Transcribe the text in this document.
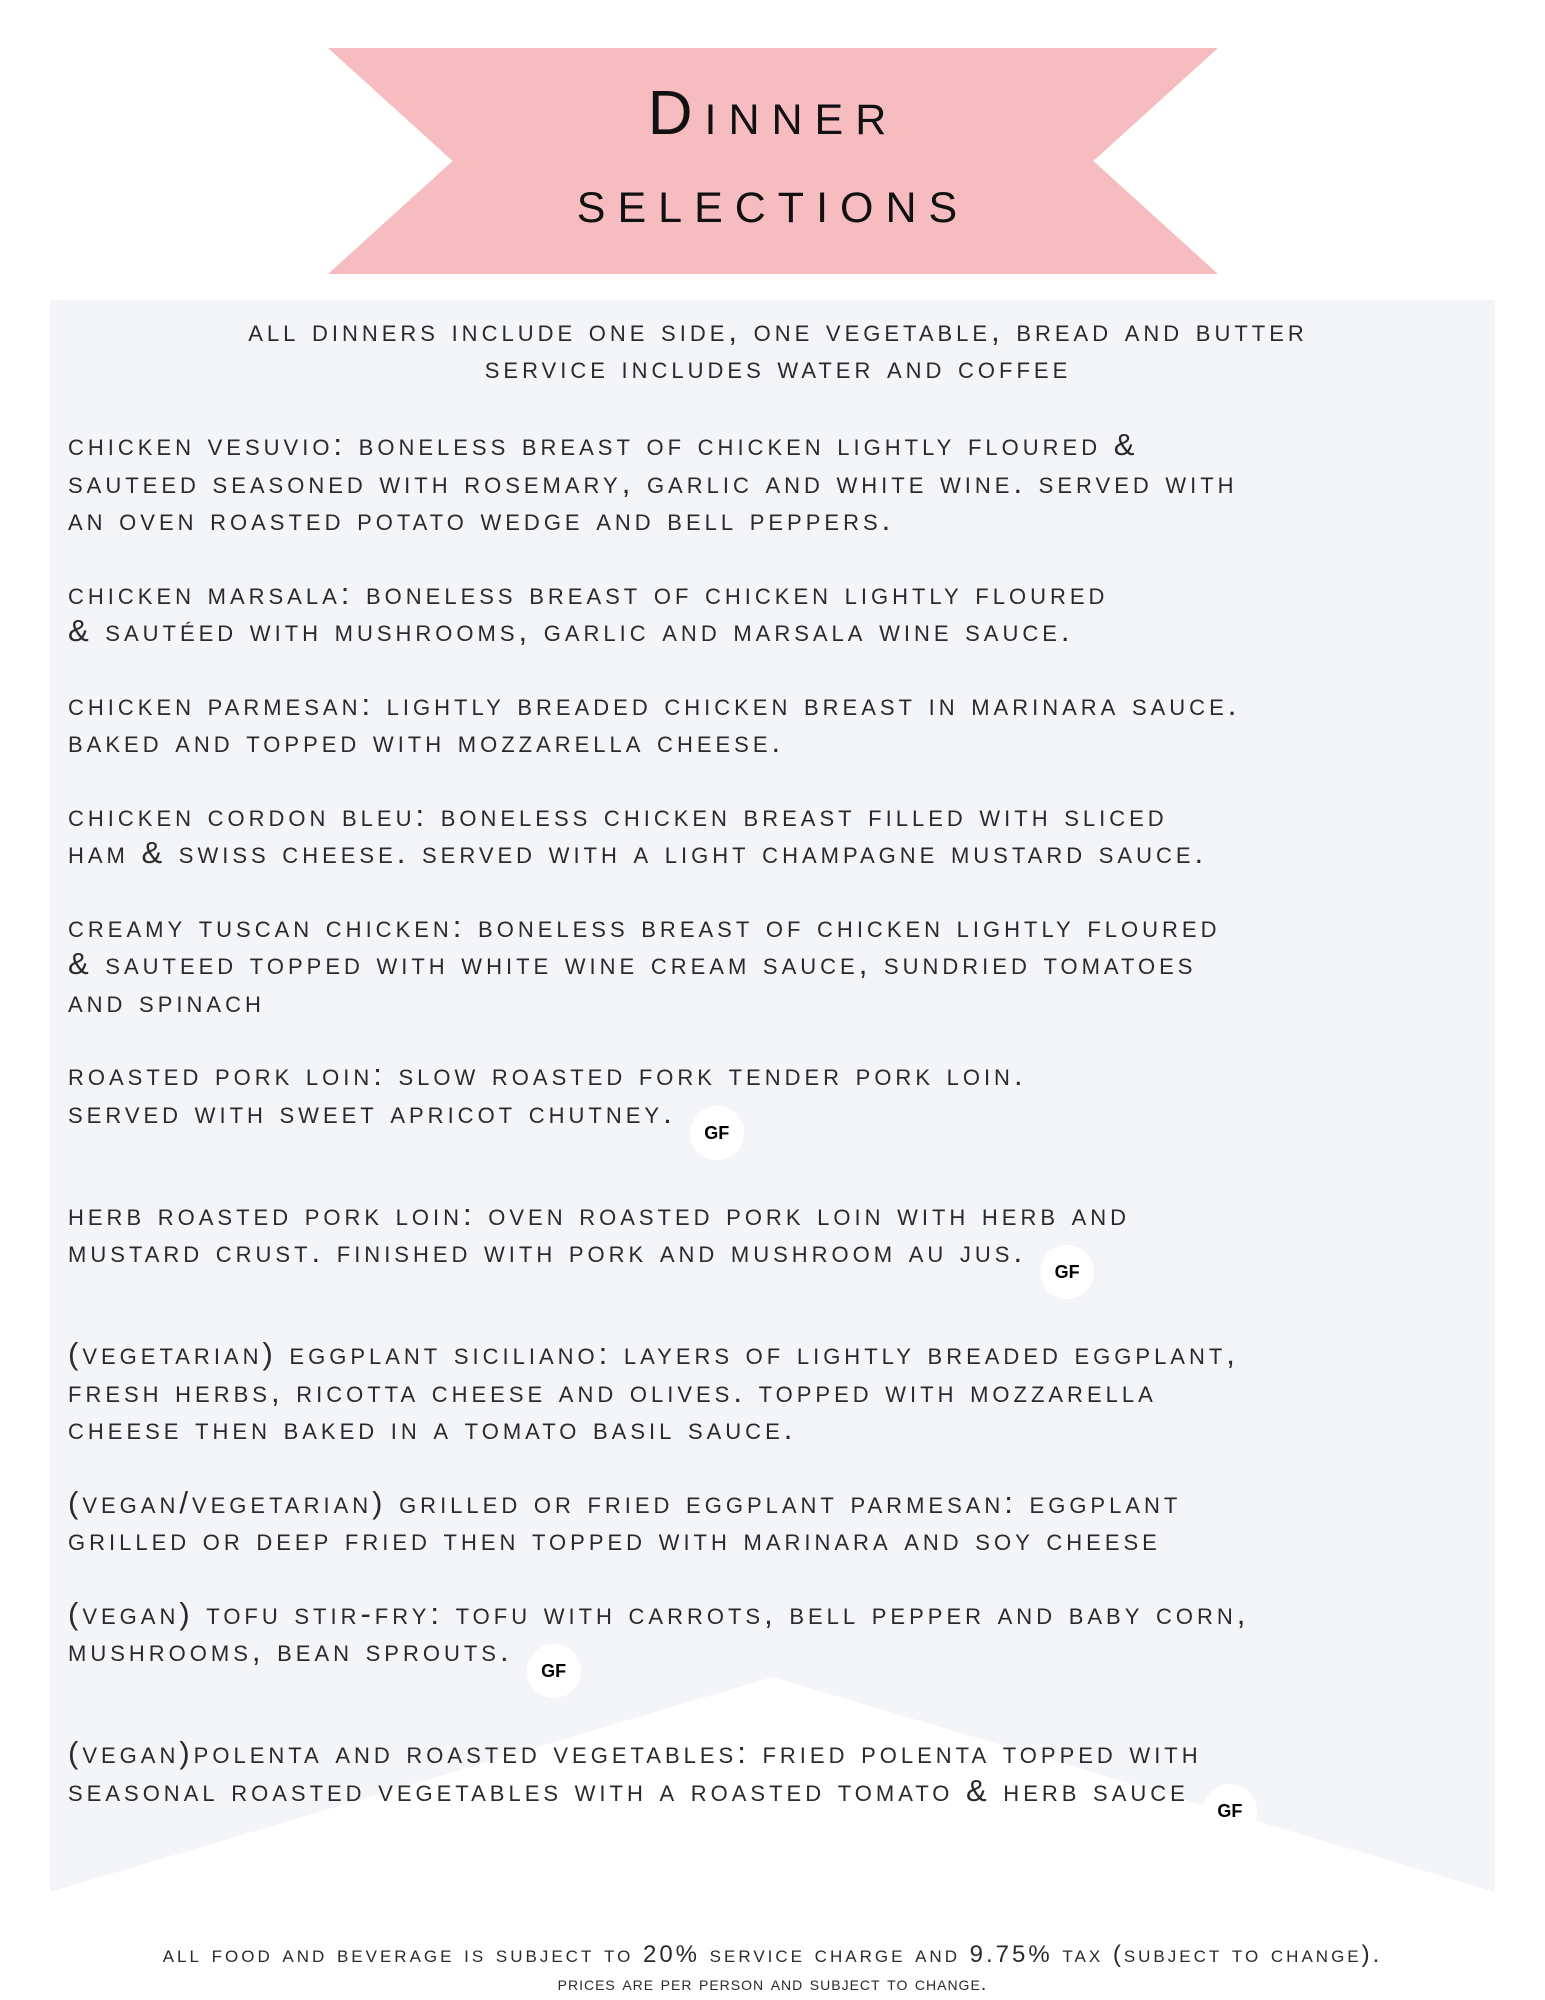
Dinner
selections
all dinners include one side, one vegetable, bread and butter
service includes water and coffee
chicken vesuvio: boneless breast of chicken lightly floured &
sauteed seasoned with rosemary, garlic and white wine. served with
an oven roasted potato wedge and bell peppers.
chicken marsala: boneless breast of chicken lightly floured
& sautéed with mushrooms, garlic and marsala wine sauce.
chicken parmesan: lightly breaded chicken breast in marinara sauce.
baked and topped with mozzarella cheese.
chicken cordon bleu: boneless chicken breast filled with sliced
ham & swiss cheese. served with a light champagne mustard sauce.
creamy tuscan chicken: boneless breast of chicken lightly floured
& sauteed topped with white wine cream sauce, sundried tomatoes
and spinach
roasted pork loin: slow roasted fork tender pork loin.
served with sweet apricot chutney.GF
herb roasted pork loin: oven roasted pork loin with herb and
mustard crust. finished with pork and mushroom au jus.GF
(vegetarian) eggplant siciliano: layers of lightly breaded eggplant,
fresh herbs, ricotta cheese and olives. topped with mozzarella
cheese then baked in a tomato basil sauce.
(vegan/vegetarian) grilled or fried eggplant parmesan: eggplant
grilled or deep fried then topped with marinara and soy cheese
(vegan) tofu stir-fry: tofu with carrots, bell pepper and baby corn,
mushrooms, bean sprouts.GF
(vegan)polenta and roasted vegetables: fried polenta topped with
seasonal roasted vegetables with a roasted tomato & herb sauceGF
all food and beverage is subject to 20% service charge and 9.75% tax (subject to change).
prices are per person and subject to change.
